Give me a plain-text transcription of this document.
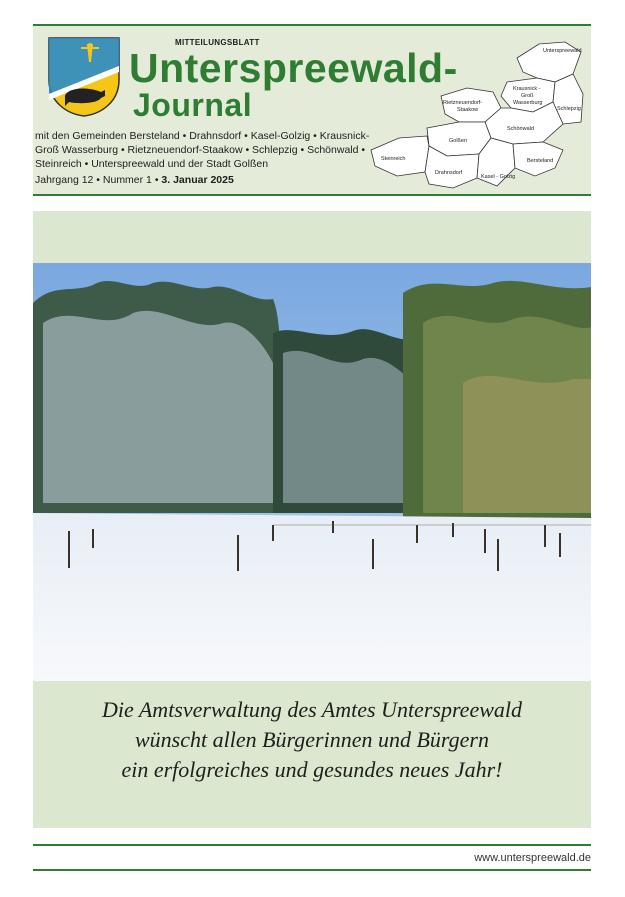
MITTEILUNGSBLATT
Unterspreewald-
Journal
mit den Gemeinden Bersteland • Drahnsdorf • Kasel-Golzig • Krausnick-Groß Wasserburg • Rietzneuendorf-Staakow • Schlepzig • Schönwald • Steinreich • Unterspreewald und der Stadt Golßen
Jahrgang 12 • Nummer 1 • 3. Januar 2025
Unterspreewald
Rietzneuendorf-
Staakow
Krausnick -
Groß
Wasserburg
Schlepzig
Schönwald
Golßen
Steinreich
Drahnsdorf
Kasel - Golzig
Bersteland
Die Amtsverwaltung des Amtes Unterspreewald
wünscht allen Bürgerinnen und Bürgern
ein erfolgreiches und gesundes neues Jahr!
www.unterspreewald.de
